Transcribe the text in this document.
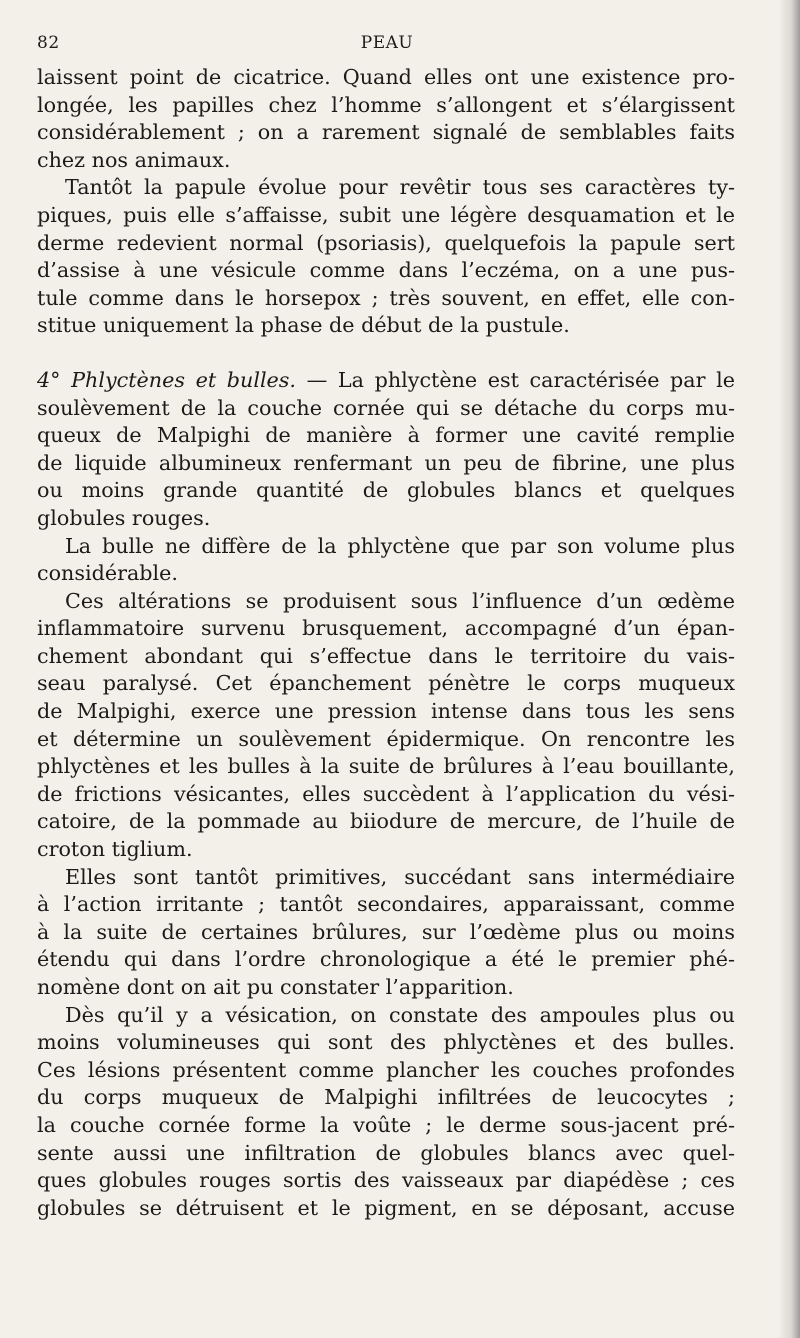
82	PEAU
laissent point de cicatrice. Quand elles ont une existence pro-
longée, les papilles chez l’homme s’allongent et s’élargissent
considérablement ; on a rarement signalé de semblables faits
chez nos animaux.
Tantôt la papule évolue pour revêtir tous ses caractères ty-
piques, puis elle s’affaisse, subit une légère desquamation et le
derme redevient normal (psoriasis), quelquefois la papule sert
d’assise à une vésicule comme dans l’eczéma, on a une pus-
tule comme dans le horsepox ; très souvent, en effet, elle con-
stitue uniquement la phase de début de la pustule.
4° Phlyctènes et bulles. — La phlyctène est caractérisée par le
soulèvement de la couche cornée qui se détache du corps mu-
queux de Malpighi de manière à former une cavité remplie
de liquide albumineux renfermant un peu de fibrine, une plus
ou moins grande quantité de globules blancs et quelques
globules rouges.
La bulle ne diffère de la phlyctène que par son volume plus
considérable.
Ces altérations se produisent sous l’influence d’un œdème
inflammatoire survenu brusquement, accompagné d’un épan-
chement abondant qui s’effectue dans le territoire du vais-
seau paralysé. Cet épanchement pénètre le corps muqueux
de Malpighi, exerce une pression intense dans tous les sens
et détermine un soulèvement épidermique. On rencontre les
phlyctènes et les bulles à la suite de brûlures à l’eau bouillante,
de frictions vésicantes, elles succèdent à l’application du vési-
catoire, de la pommade au biiodure de mercure, de l’huile de
croton tiglium.
Elles sont tantôt primitives, succédant sans intermédiaire
à l’action irritante ; tantôt secondaires, apparaissant, comme
à la suite de certaines brûlures, sur l’œdème plus ou moins
étendu qui dans l’ordre chronologique a été le premier phé-
nomène dont on ait pu constater l’apparition.
Dès qu’il y a vésication, on constate des ampoules plus ou
moins volumineuses qui sont des phlyctènes et des bulles.
Ces lésions présentent comme plancher les couches profondes
du corps muqueux de Malpighi infiltrées de leucocytes ;
la couche cornée forme la voûte ; le derme sous-jacent pré-
sente aussi une infiltration de globules blancs avec quel-
ques globules rouges sortis des vaisseaux par diapédèse ; ces
globules se détruisent et le pigment, en se déposant, accuse
